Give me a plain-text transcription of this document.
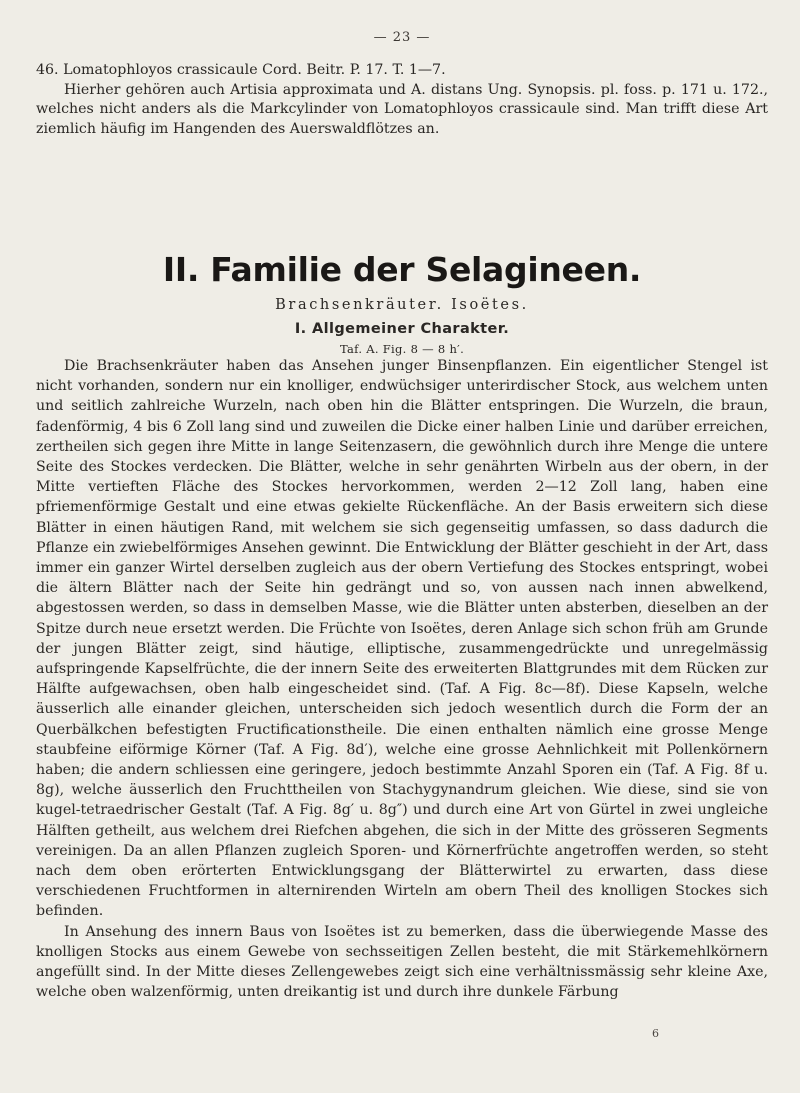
— 23 —

46. Lomatophloyos crassicaule Cord. Beitr. P. 17. T. 1—7.

Hierher gehören auch Artisia approximata und A. distans Ung. Synopsis. pl. foss. p. 171 u. 172., welches nicht anders als die Markcylinder von Lomatophloyos crassicaule sind. Man trifft diese Art ziemlich häufig im Hangenden des Auerswaldflötzes an.

II. Familie der Selagineen.
Brachsenkräuter. Isoëtes.
I. Allgemeiner Charakter.
Taf. A. Fig. 8 — 8 h′.

Die Brachsenkräuter haben das Ansehen junger Binsenpflanzen. Ein eigentlicher Stengel ist nicht vorhanden, sondern nur ein knolliger, endwüchsiger unterirdischer Stock, aus welchem unten und seitlich zahlreiche Wurzeln, nach oben hin die Blätter entspringen. Die Wurzeln, die braun, fadenförmig, 4 bis 6 Zoll lang sind und zuweilen die Dicke einer halben Linie und darüber erreichen, zertheilen sich gegen ihre Mitte in lange Seitenzasern, die gewöhnlich durch ihre Menge die untere Seite des Stockes verdecken. Die Blätter, welche in sehr genährten Wirbeln aus der obern, in der Mitte vertieften Fläche des Stockes hervorkommen, werden 2—12 Zoll lang, haben eine pfriemenförmige Gestalt und eine etwas gekielte Rückenfläche. An der Basis erweitern sich diese Blätter in einen häutigen Rand, mit welchem sie sich gegenseitig umfassen, so dass dadurch die Pflanze ein zwiebelförmiges Ansehen gewinnt. Die Entwicklung der Blätter geschieht in der Art, dass immer ein ganzer Wirtel derselben zugleich aus der obern Vertiefung des Stockes entspringt, wobei die ältern Blätter nach der Seite hin gedrängt und so, von aussen nach innen abwelkend, abgestossen werden, so dass in demselben Masse, wie die Blätter unten absterben, dieselben an der Spitze durch neue ersetzt werden. Die Früchte von Isoëtes, deren Anlage sich schon früh am Grunde der jungen Blätter zeigt, sind häutige, elliptische, zusammengedrückte und unregelmässig aufspringende Kapselfrüchte, die der innern Seite des erweiterten Blattgrundes mit dem Rücken zur Hälfte aufgewachsen, oben halb eingescheidet sind. (Taf. A Fig. 8c—8f). Diese Kapseln, welche äusserlich alle einander gleichen, unterscheiden sich jedoch wesentlich durch die Form der an Querbälkchen befestigten Fructificationstheile. Die einen enthalten nämlich eine grosse Menge staubfeine eiförmige Körner (Taf. A Fig. 8d′), welche eine grosse Aehnlichkeit mit Pollenkörnern haben; die andern schliessen eine geringere, jedoch bestimmte Anzahl Sporen ein (Taf. A Fig. 8f u. 8g), welche äusserlich den Fruchttheilen von Stachygynandrum gleichen. Wie diese, sind sie von kugel-tetraedrischer Gestalt (Taf. A Fig. 8g′ u. 8g″) und durch eine Art von Gürtel in zwei ungleiche Hälften getheilt, aus welchem drei Riefchen abgehen, die sich in der Mitte des grösseren Segments vereinigen. Da an allen Pflanzen zugleich Sporen- und Körnerfrüchte angetroffen werden, so steht nach dem oben erörterten Entwicklungsgang der Blätterwirtel zu erwarten, dass diese verschiedenen Fruchtformen in alternirenden Wirteln am obern Theil des knolligen Stockes sich befinden.

In Ansehung des innern Baus von Isoëtes ist zu bemerken, dass die überwiegende Masse des knolligen Stocks aus einem Gewebe von sechsseitigen Zellen besteht, die mit Stärkemehlkörnern angefüllt sind. In der Mitte dieses Zellengewebes zeigt sich eine verhältnissmässig sehr kleine Axe, welche oben walzenförmig, unten dreikantig ist und durch ihre dunkele Färbung

6
